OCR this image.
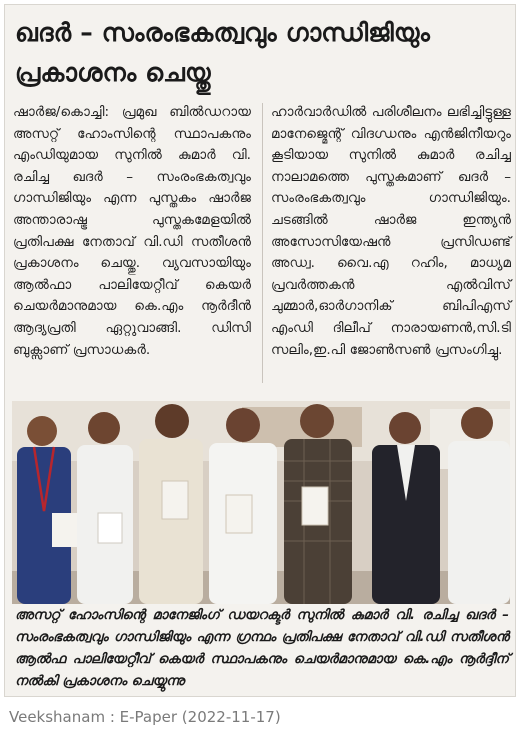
ഖദർ – സംരംഭകത്വവും ഗാന്ധിജിയും പ്രകാശനം ചെയ്തു
ഷാർജ/കൊച്ചി: പ്രമുഖ ബിൽഡറായ അസറ്റ് ഹോംസിന്റെ സ്ഥാപകനും എംഡിയുമായ സുനിൽ കുമാർ വി. രചിച്ച ഖദർ – സംരംഭകത്വവും ഗാന്ധിജിയും എന്ന പുസ്തകം ഷാർജ അന്താരാഷ്ട്ര പുസ്തകമേളയിൽ പ്രതിപക്ഷ നേതാവ് വി.ഡി സതീശൻ പ്രകാശനം ചെയ്തു. വ്യവസായിയും ആൽഫാ പാലിയേറ്റീവ് കെയർ ചെയർമാനുമായ കെ.എം നൂർദീൻ ആദ്യപ്രതി ഏറ്റുവാങ്ങി. ഡിസി ബുക്സാണ് പ്രസാധകർ.
ഹാർവാർഡിൽ പരിശീലനം ലഭിച്ചിട്ടുള്ള മാനേജ്മെന്റ് വിദഗ്ധനും എൻജിനീയറും കൂടിയായ സുനിൽ കുമാർ രചിച്ച നാലാമത്തെ പുസ്തകമാണ് ഖദർ – സംരംഭകത്വവും ഗാന്ധിജിയും. ചടങ്ങിൽ ഷാർജ ഇന്ത്യൻ അസോസിയേഷൻ പ്രസിഡണ്ട് അഡ്വ. വൈ.എ റഹിം, മാധ്യമ പ്രവർത്തകൻ എൽവിസ് ചുമ്മാർ,ഓർഗാനിക് ബിപിഎസ് എംഡി ദിലീപ് നാരായണൻ,സി.ടി സലിം,ഇ.പി ജോൺസൺ പ്രസംഗിച്ചു.
അസറ്റ് ഹോംസിന്റെ മാനേജിംഗ് ഡയറക്ടർ സുനിൽ കുമാർ വി. രചിച്ച ഖദർ – സംരംഭകത്വവും ഗാന്ധിജിയും എന്ന ഗ്രന്ഥം പ്രതിപക്ഷ നേതാവ് വി.ഡി സതീശൻ ആൽഫ പാലിയേറ്റീവ് കെയർ സ്ഥാപകനും ചെയർമാനുമായ കെ.എം നൂർദ്ദീന് നൽകി പ്രകാശനം ചെയ്യുന്നു
Veekshanam : E-Paper (2022-11-17)
